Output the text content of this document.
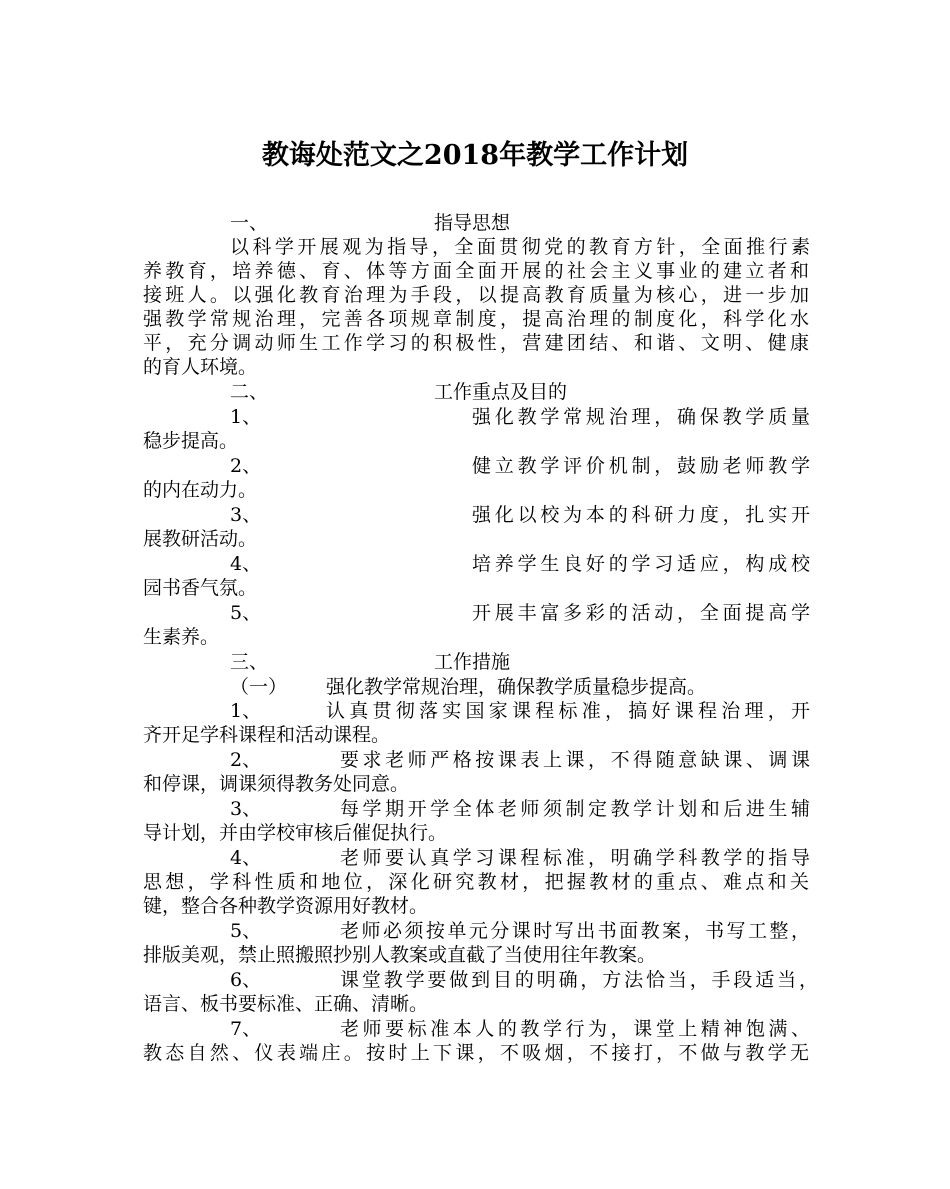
教诲处范文之2018年教学工作计划
一、	指导思想
以科学开展观为指导，全面贯彻党的教育方针，全面推行素
养教育，培养德、育、体等方面全面开展的社会主义事业的建立者和
接班人。以强化教育治理为手段，以提高教育质量为核心，进一步加
强教学常规治理，完善各项规章制度，提高治理的制度化，科学化水
平，充分调动师生工作学习的积极性，营建团结、和谐、文明、健康
的育人环境。
二、	工作重点及目的
1、	强化教学常规治理，确保教学质量
稳步提高。
2、	健立教学评价机制，鼓励老师教学
的内在动力。
3、	强化以校为本的科研力度，扎实开
展教研活动。
4、	培养学生良好的学习适应，构成校
园书香气氛。
5、	开展丰富多彩的活动，全面提高学
生素养。
三、	工作措施
（一） 强化教学常规治理，确保教学质量稳步提高。
1、	认真贯彻落实国家课程标准，搞好课程治理，开
齐开足学科课程和活动课程。
2、	要求老师严格按课表上课，不得随意缺课、调课
和停课，调课须得教务处同意。
3、	每学期开学全体老师须制定教学计划和后进生辅
导计划，并由学校审核后催促执行。
4、	老师要认真学习课程标准，明确学科教学的指导
思想，学科性质和地位，深化研究教材，把握教材的重点、难点和关
键，整合各种教学资源用好教材。
5、	老师必须按单元分课时写出书面教案，书写工整，
排版美观，禁止照搬照抄别人教案或直截了当使用往年教案。
6、	课堂教学要做到目的明确，方法恰当，手段适当，
语言、板书要标准、正确、清晰。
7、	老师要标准本人的教学行为，课堂上精神饱满、
教态自然、仪表端庄。按时上下课，不吸烟，不接打，不做与教学无
